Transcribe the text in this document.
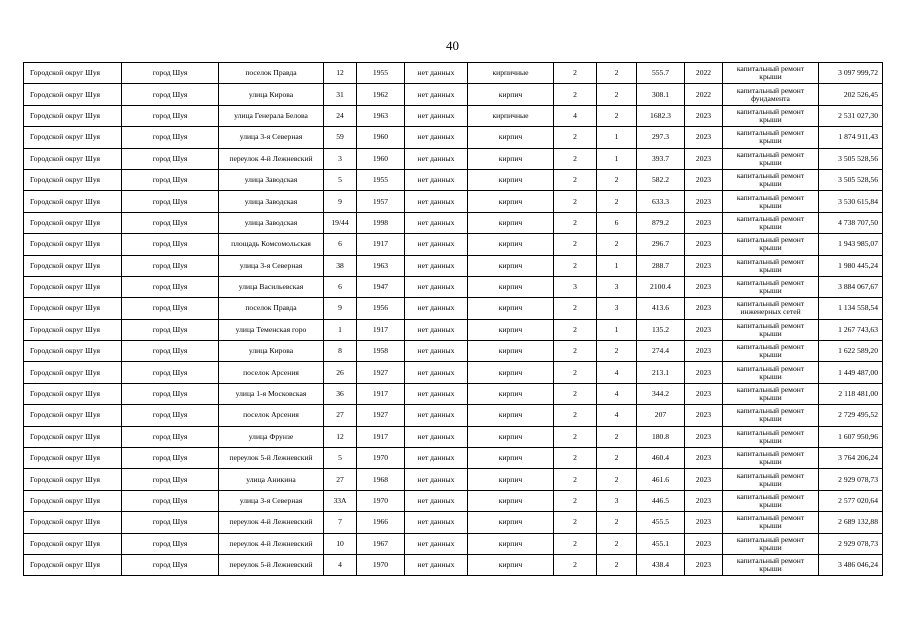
40
Городской округ Шуя	город Шуя	поселок Правда	12	1955	нет данных	кирпичные	2	2	555.7	2022	капитальный ремонт крыши	3 097 999,72
Городской округ Шуя	город Шуя	улица Кирова	31	1962	нет данных	кирпич	2	2	308.1	2022	капитальный ремонт фундамента	202 526,45
Городской округ Шуя	город Шуя	улица Генерала Белова	24	1963	нет данных	кирпичные	4	2	1682.3	2023	капитальный ремонт крыши	2 531 027,30
Городской округ Шуя	город Шуя	улица 3-я Северная	59	1960	нет данных	кирпич	2	1	297.3	2023	капитальный ремонт крыши	1 874 911,43
Городской округ Шуя	город Шуя	переулок 4-й Лежневский	3	1960	нет данных	кирпич	2	1	393.7	2023	капитальный ремонт крыши	3 505 528,56
Городской округ Шуя	город Шуя	улица Заводская	5	1955	нет данных	кирпич	2	2	582.2	2023	капитальный ремонт крыши	3 505 528,56
Городской округ Шуя	город Шуя	улица Заводская	9	1957	нет данных	кирпич	2	2	633.3	2023	капитальный ремонт крыши	3 530 615,84
Городской округ Шуя	город Шуя	улица Заводская	19/44	1998	нет данных	кирпич	2	6	879.2	2023	капитальный ремонт крыши	4 738 707,50
Городской округ Шуя	город Шуя	площадь Комсомольская	6	1917	нет данных	кирпич	2	2	296.7	2023	капитальный ремонт крыши	1 943 985,07
Городской округ Шуя	город Шуя	улица 3-я Северная	38	1963	нет данных	кирпич	2	1	288.7	2023	капитальный ремонт крыши	1 980 445,24
Городской округ Шуя	город Шуя	улица Васильевская	6	1947	нет данных	кирпич	3	3	2100.4	2023	капитальный ремонт крыши	3 884 067,67
Городской округ Шуя	город Шуя	поселок Правда	9	1956	нет данных	кирпич	2	3	413.6	2023	капитальный ремонт инженерных сетей	1 134 558,54
Городской округ Шуя	город Шуя	улица Теменская горо	1	1917	нет данных	кирпич	2	1	135.2	2023	капитальный ремонт крыши	1 267 743,63
Городской округ Шуя	город Шуя	улица Кирова	8	1958	нет данных	кирпич	2	2	274.4	2023	капитальный ремонт крыши	1 622 589,20
Городской округ Шуя	город Шуя	поселок Арсения	26	1927	нет данных	кирпич	2	4	213.1	2023	капитальный ремонт крыши	1 449 487,00
Городской округ Шуя	город Шуя	улица 1-я Московская	36	1917	нет данных	кирпич	2	4	344.2	2023	капитальный ремонт крыши	2 118 481,00
Городской округ Шуя	город Шуя	поселок Арсения	27	1927	нет данных	кирпич	2	4	207	2023	капитальный ремонт крыши	2 729 495,52
Городской округ Шуя	город Шуя	улица Фрунзе	12	1917	нет данных	кирпич	2	2	180.8	2023	капитальный ремонт крыши	1 607 950,96
Городской округ Шуя	город Шуя	переулок 5-й Лежневский	5	1970	нет данных	кирпич	2	2	460.4	2023	капитальный ремонт крыши	3 764 206,24
Городской округ Шуя	город Шуя	улица Аникина	27	1968	нет данных	кирпич	2	2	461.6	2023	капитальный ремонт крыши	2 929 078,73
Городской округ Шуя	город Шуя	улица 3-я Северная	33А	1970	нет данных	кирпич	2	3	446.5	2023	капитальный ремонт крыши	2 577 020,64
Городской округ Шуя	город Шуя	переулок 4-й Лежневский	7	1966	нет данных	кирпич	2	2	455.5	2023	капитальный ремонт крыши	2 689 132,88
Городской округ Шуя	город Шуя	переулок 4-й Лежневский	10	1967	нет данных	кирпич	2	2	455.1	2023	капитальный ремонт крыши	2 929 078,73
Городской округ Шуя	город Шуя	переулок 5-й Лежневский	4	1970	нет данных	кирпич	2	2	438.4	2023	капитальный ремонт крыши	3 486 046,24
